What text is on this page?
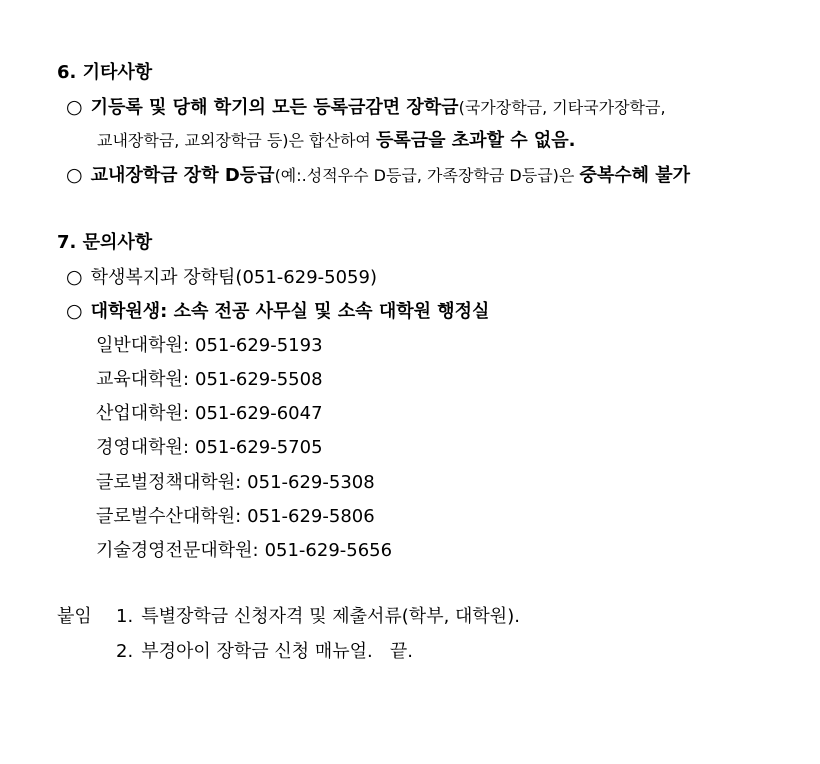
6. 기타사항
○ 기등록 및 당해 학기의 모든 등록금감면 장학금(국가장학금, 기타국가장학금,
교내장학금, 교외장학금 등)은 합산하여 등록금을 초과할 수 없음.
○ 교내장학금 장학 D등급(예:.성적우수 D등급, 가족장학금 D등급)은 중복수혜 불가
7. 문의사항
○ 학생복지과 장학팀(051-629-5059)
○ 대학원생: 소속 전공 사무실 및 소속 대학원 행정실
일반대학원: 051-629-5193
교육대학원: 051-629-5508
산업대학원: 051-629-6047
경영대학원: 051-629-5705
글로벌정책대학원: 051-629-5308
글로벌수산대학원: 051-629-5806
기술경영전문대학원: 051-629-5656
붙임 1. 특별장학금 신청자격 및 제출서류(학부, 대학원).
2. 부경아이 장학금 신청 매뉴얼.   끝.
